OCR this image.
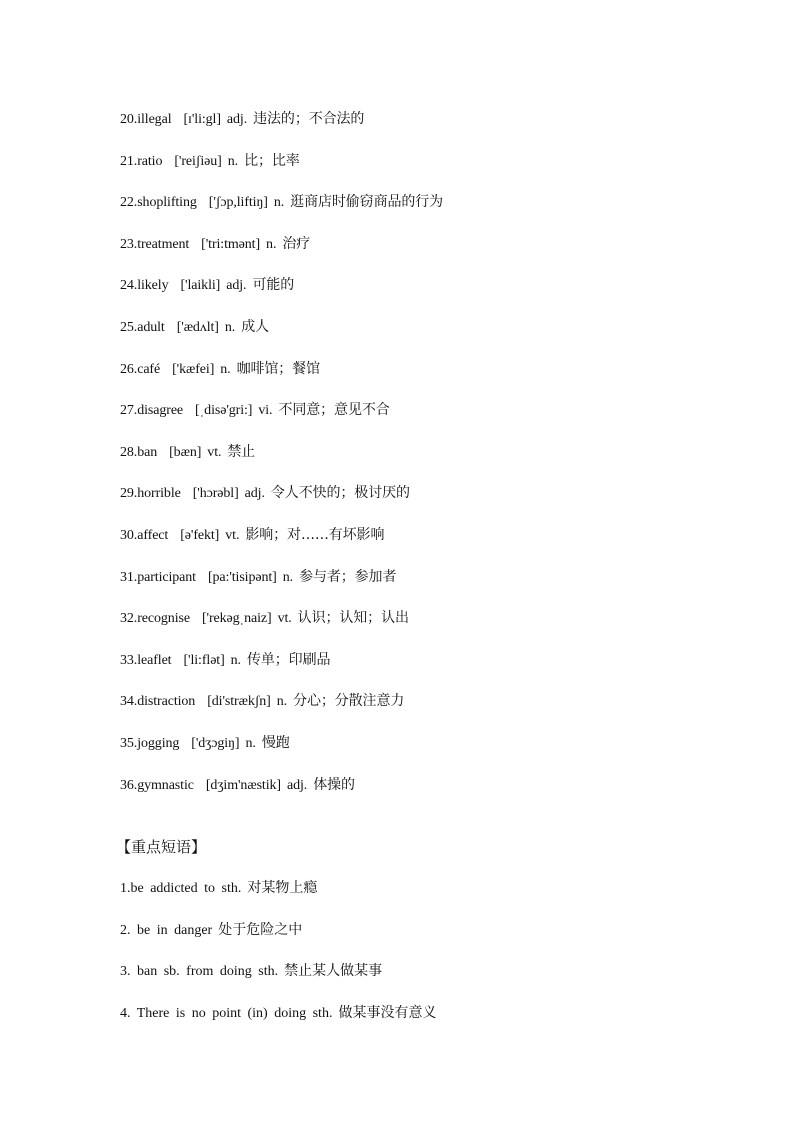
20.illegal [ɪ'li:gl] adj. 违法的；不合法的
21.ratio ['reiʃiəu] n. 比；比率
22.shoplifting ['ʃɔp,liftiŋ] n. 逛商店时偷窃商品的行为
23.treatment ['tri:tmənt] n. 治疗
24.likely ['laikli] adj. 可能的
25.adult ['ædʌlt] n. 成人
26.café ['kæfei] n. 咖啡馆；餐馆
27.disagree [ˌdisə'gri:] vi. 不同意；意见不合
28.ban [bæn] vt. 禁止
29.horrible ['hɔrəbl] adj. 令人不快的；极讨厌的
30.affect [ə'fekt] vt. 影响；对……有坏影响
31.participant [pa:'tisipənt] n. 参与者；参加者
32.recognise ['rekəgˌnaiz] vt. 认识；认知；认出
33.leaflet ['li:flət] n. 传单；印刷品
34.distraction [di'strækʃn] n. 分心；分散注意力
35.jogging ['dʒɔgiŋ] n. 慢跑
36.gymnastic [dʒim'næstik] adj. 体操的
【重点短语】
1.be addicted to sth. 对某物上瘾
2. be in danger 处于危险之中
3. ban sb. from doing sth. 禁止某人做某事
4. There is no point (in) doing sth. 做某事没有意义
